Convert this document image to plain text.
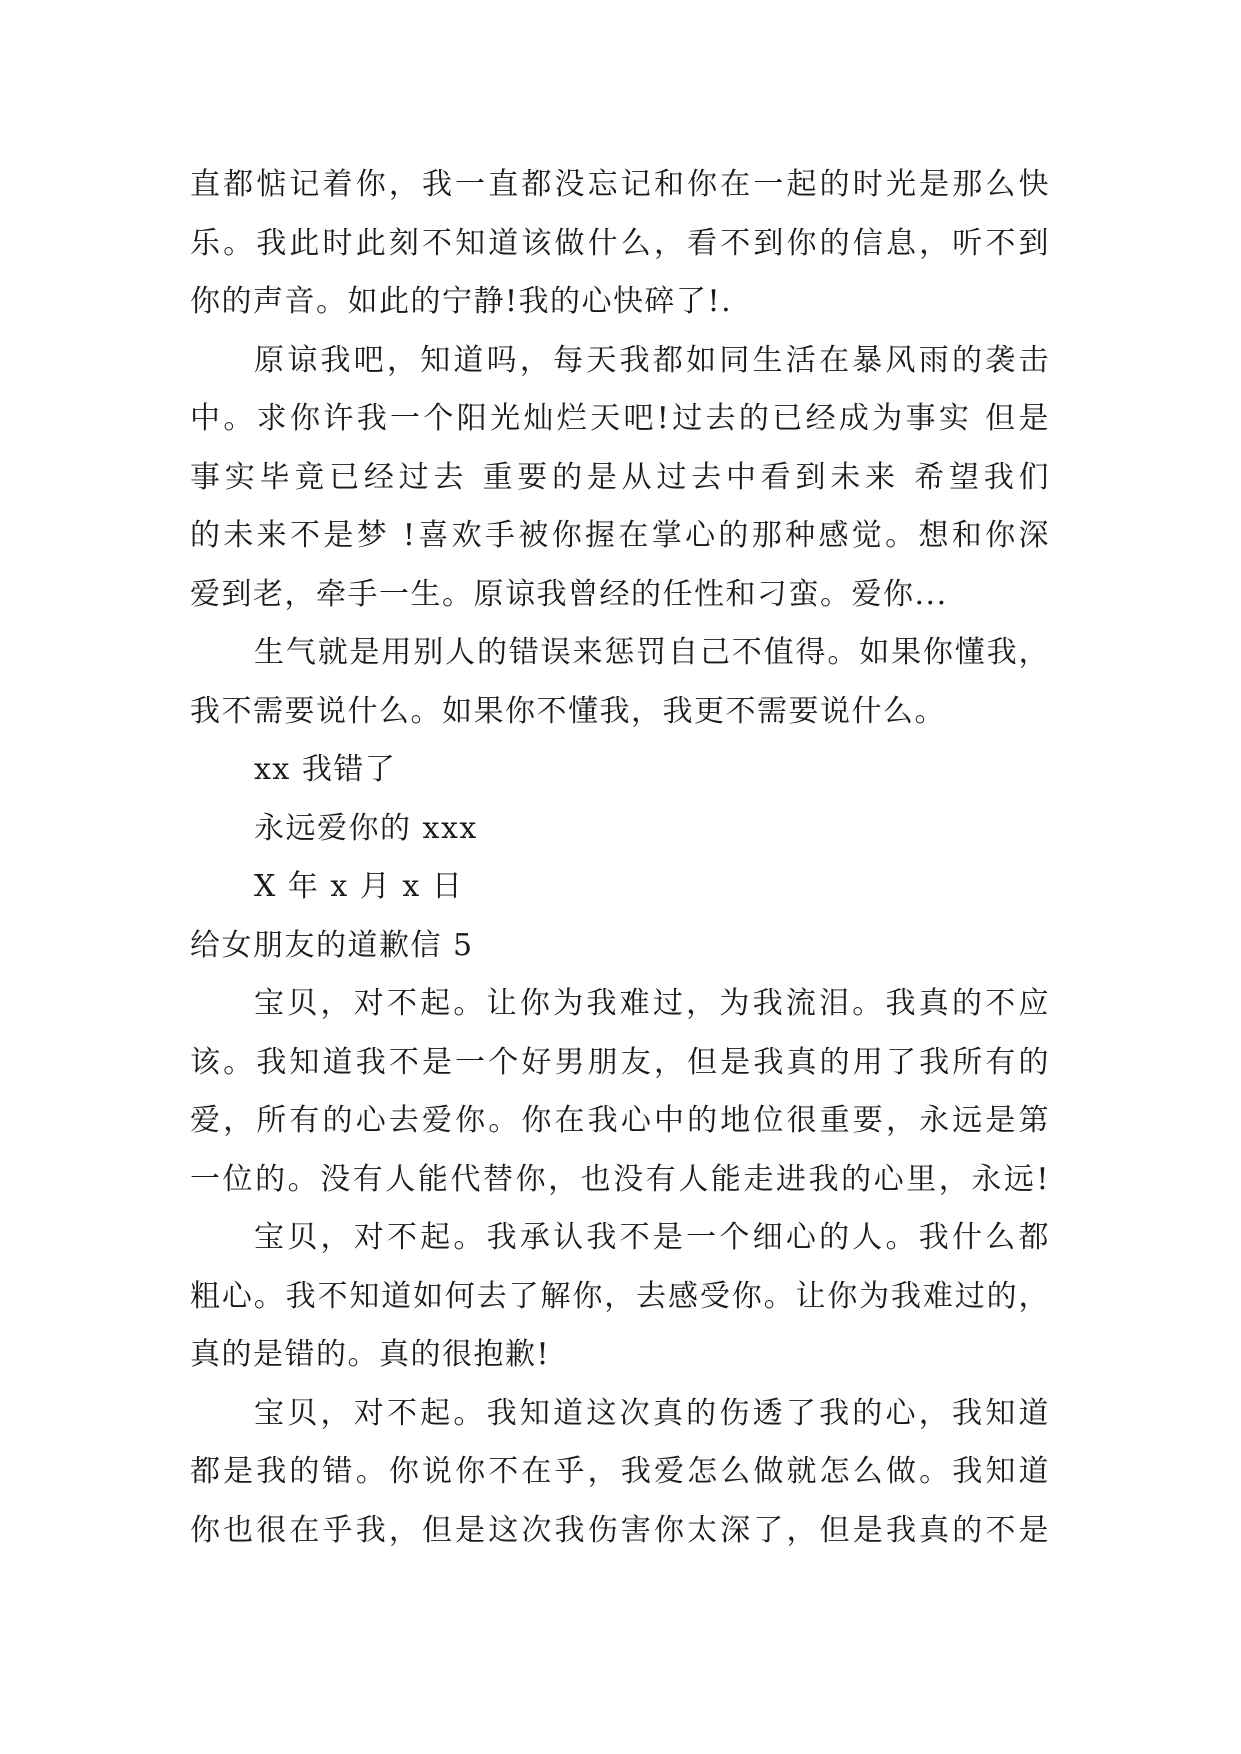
直都惦记着你，我一直都没忘记和你在一起的时光是那么快
乐。我此时此刻不知道该做什么，看不到你的信息，听不到
你的声音。如此的宁静!我的心快碎了!.
原谅我吧，知道吗，每天我都如同生活在暴风雨的袭击
中。求你许我一个阳光灿烂天吧!过去的已经成为事实 但是
事实毕竟已经过去 重要的是从过去中看到未来 希望我们
的未来不是梦 !喜欢手被你握在掌心的那种感觉。想和你深
爱到老，牵手一生。原谅我曾经的任性和刁蛮。爱你...
生气就是用别人的错误来惩罚自己不值得。如果你懂我，
我不需要说什么。如果你不懂我，我更不需要说什么。
xx 我错了
永远爱你的 xxx
X 年 x 月 x 日
给女朋友的道歉信 5
宝贝，对不起。让你为我难过，为我流泪。我真的不应
该。我知道我不是一个好男朋友，但是我真的用了我所有的
爱，所有的心去爱你。你在我心中的地位很重要，永远是第
一位的。没有人能代替你，也没有人能走进我的心里，永远!
宝贝，对不起。我承认我不是一个细心的人。我什么都
粗心。我不知道如何去了解你，去感受你。让你为我难过的，
真的是错的。真的很抱歉!
宝贝，对不起。我知道这次真的伤透了我的心，我知道
都是我的错。你说你不在乎，我爱怎么做就怎么做。我知道
你也很在乎我，但是这次我伤害你太深了，但是我真的不是
